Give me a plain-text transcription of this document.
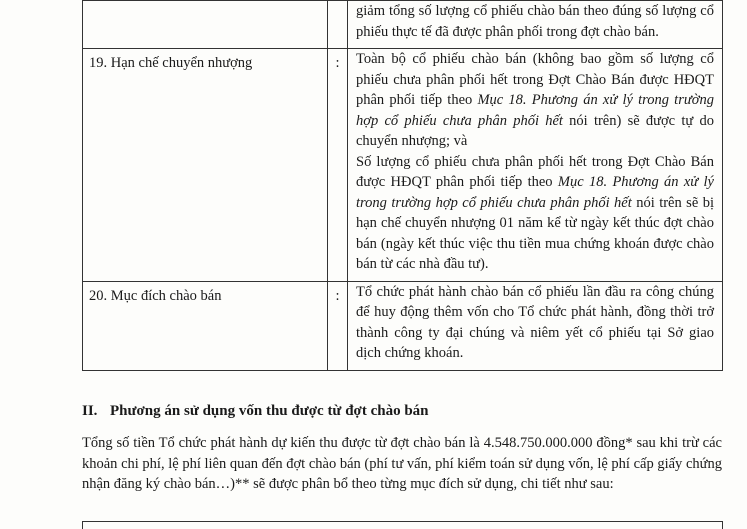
		giảm tổng số lượng cổ phiếu chào bán theo đúng số lượng cổ phiếu thực tế đã được phân phối trong đợt chào bán.

19. Hạn chế chuyển nhượng	:	Toàn bộ cổ phiếu chào bán (không bao gồm số lượng cổ phiếu chưa phân phối hết trong Đợt Chào Bán được HĐQT phân phối tiếp theo Mục 18. Phương án xử lý trong trường hợp cổ phiếu chưa phân phối hết nói trên) sẽ được tự do chuyển nhượng; và

Số lượng cổ phiếu chưa phân phối hết trong Đợt Chào Bán được HĐQT phân phối tiếp theo Mục 18. Phương án xử lý trong trường hợp cổ phiếu chưa phân phối hết nói trên sẽ bị hạn chế chuyển nhượng 01 năm kể từ ngày kết thúc đợt chào bán (ngày kết thúc việc thu tiền mua chứng khoán được chào bán từ các nhà đầu tư).

20. Mục đích chào bán	:	Tổ chức phát hành chào bán cổ phiếu lần đầu ra công chúng để huy động thêm vốn cho Tổ chức phát hành, đồng thời trở thành công ty đại chúng và niêm yết cổ phiếu tại Sở giao dịch chứng khoán.

II. Phương án sử dụng vốn thu được từ đợt chào bán

Tổng số tiền Tổ chức phát hành dự kiến thu được từ đợt chào bán là 4.548.750.000.000 đồng* sau khi trừ các khoản chi phí, lệ phí liên quan đến đợt chào bán (phí tư vấn, phí kiểm toán sử dụng vốn, lệ phí cấp giấy chứng nhận đăng ký chào bán…)** sẽ được phân bổ theo từng mục đích sử dụng, chi tiết như sau:
